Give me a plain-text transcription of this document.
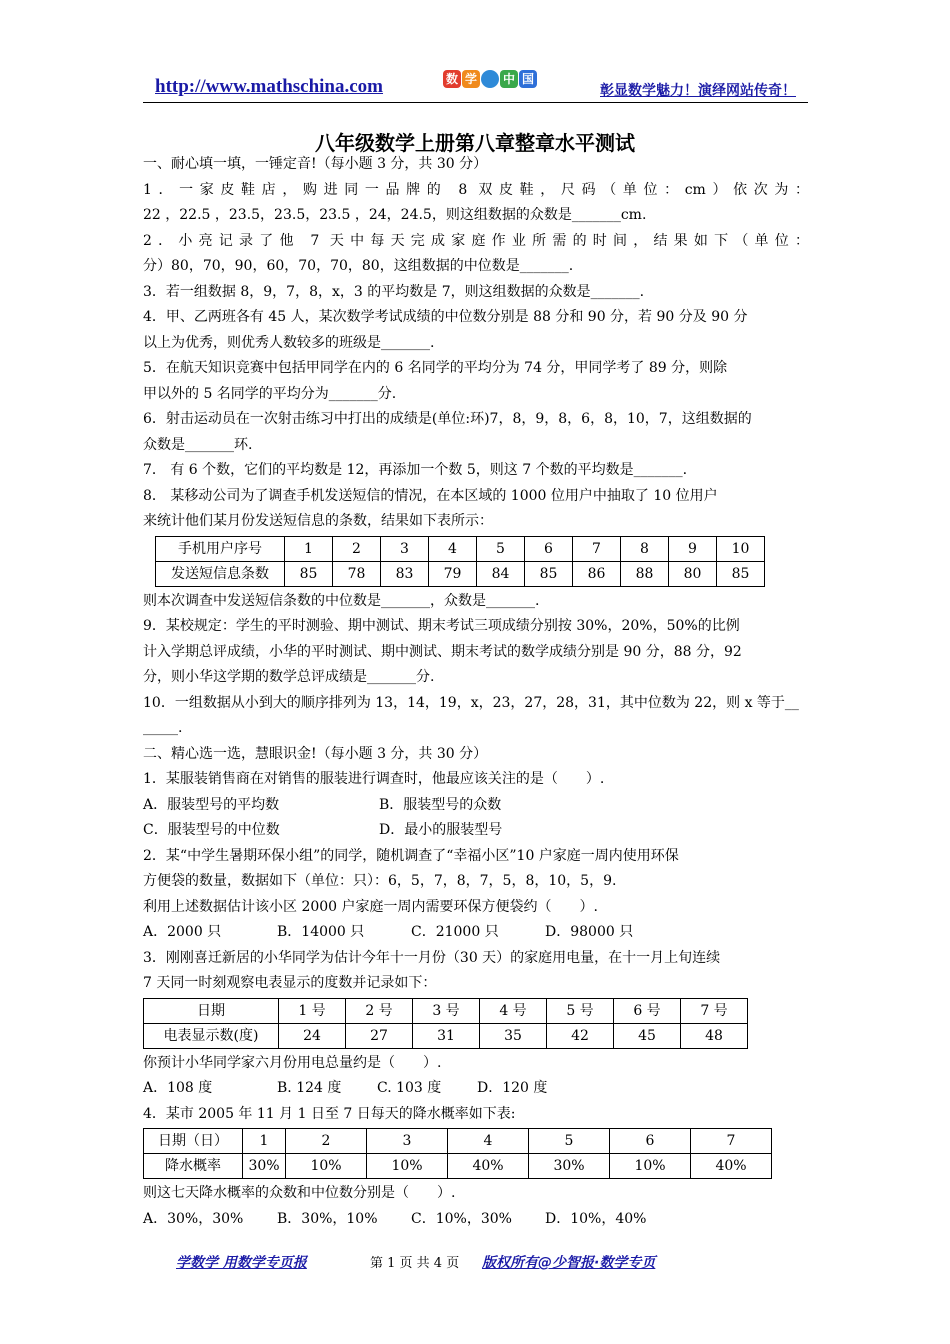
http://www.mathschina.com	数 学 中 国
彰显数学魅力！演绎网站传奇！
八年级数学上册第八章整章水平测试
一、耐心填一填，一锤定音!（每小题 3 分，共 30 分）
1．一家皮鞋店，购进同一品牌的 8 双皮鞋，尺码（单位：cm）依次为：
22 ，22.5 ，23.5，23.5，23.5 ，24，24.5，则这组数据的众数是_______cm.
2．小亮记录了他 7 天中每天完成家庭作业所需的时间，结果如下（单位：
分）80，70，90，60，70，70，80，这组数据的中位数是_______.
3．若一组数据 8，9，7，8，x，3 的平均数是 7，则这组数据的众数是_______.
4．甲、乙两班各有 45 人，某次数学考试成绩的中位数分别是 88 分和 90 分，若 90 分及 90 分
以上为优秀，则优秀人数较多的班级是_______.
5．在航天知识竞赛中包括甲同学在内的 6 名同学的平均分为 74 分，甲同学考了 89 分，则除
甲以外的 5 名同学的平均分为_______分.
6．射击运动员在一次射击练习中打出的成绩是(单位:环)7，8，9，8，6，8，10，7，这组数据的
众数是_______环.
7． 有 6 个数，它们的平均数是 12，再添加一个数 5，则这 7 个数的平均数是_______.
8． 某移动公司为了调查手机发送短信的情况，在本区域的 1000 位用户中抽取了 10 位用户
来统计他们某月份发送短信息的条数，结果如下表所示：
手机用户序号	1	2	3	4	5	6	7	8	9	10
发送短信息条数	85	78	83	79	84	85	86	88	80	85
则本次调查中发送短信条数的中位数是_______，众数是_______.
9．某校规定：学生的平时测验、期中测试、期末考试三项成绩分别按 30%，20%，50%的比例
计入学期总评成绩，小华的平时测试、期中测试、期末考试的数学成绩分别是 90 分，88 分，92
分，则小华这学期的数学总评成绩是_______分.
10．一组数据从小到大的顺序排列为 13，14，19，x，23，27，28，31，其中位数为 22，则 x 等于__
_____.
二、精心选一选，慧眼识金!（每小题 3 分，共 30 分）
1．某服装销售商在对销售的服装进行调查时，他最应该关注的是（　　）.
A．服装型号的平均数	B．服装型号的众数
C．服装型号的中位数	D．最小的服装型号
2．某“中学生暑期环保小组”的同学，随机调查了“幸福小区”10 户家庭一周内使用环保
方便袋的数量，数据如下（单位：只）：6，5，7，8，7，5，8，10，5，9.
利用上述数据估计该小区 2000 户家庭一周内需要环保方便袋约（　　）.
A．2000 只	B．14000 只	C．21000 只	D．98000 只
3．刚刚喜迁新居的小华同学为估计今年十一月份（30 天）的家庭用电量，在十一月上旬连续
7 天同一时刻观察电表显示的度数并记录如下：
日期	1 号	2 号	3 号	4 号	5 号	6 号	7 号
电表显示数(度)	24	27	31	35	42	45	48
你预计小华同学家六月份用电总量约是（　　）.
A．108 度	B. 124 度	C. 103 度	D．120 度
4．某市 2005 年 11 月 1 日至 7 日每天的降水概率如下表:
日期（日）	1	2	3	4	5	6	7
降水概率	30%	10%	10%	40%	30%	10%	40%
则这七天降水概率的众数和中位数分别是（　　）.
A．30%，30%	B．30%，10%	C．10%，30%	D．10%，40%
学数学 用数学专页报	第 1 页 共 4 页 版权所有@少智报·数学专页
